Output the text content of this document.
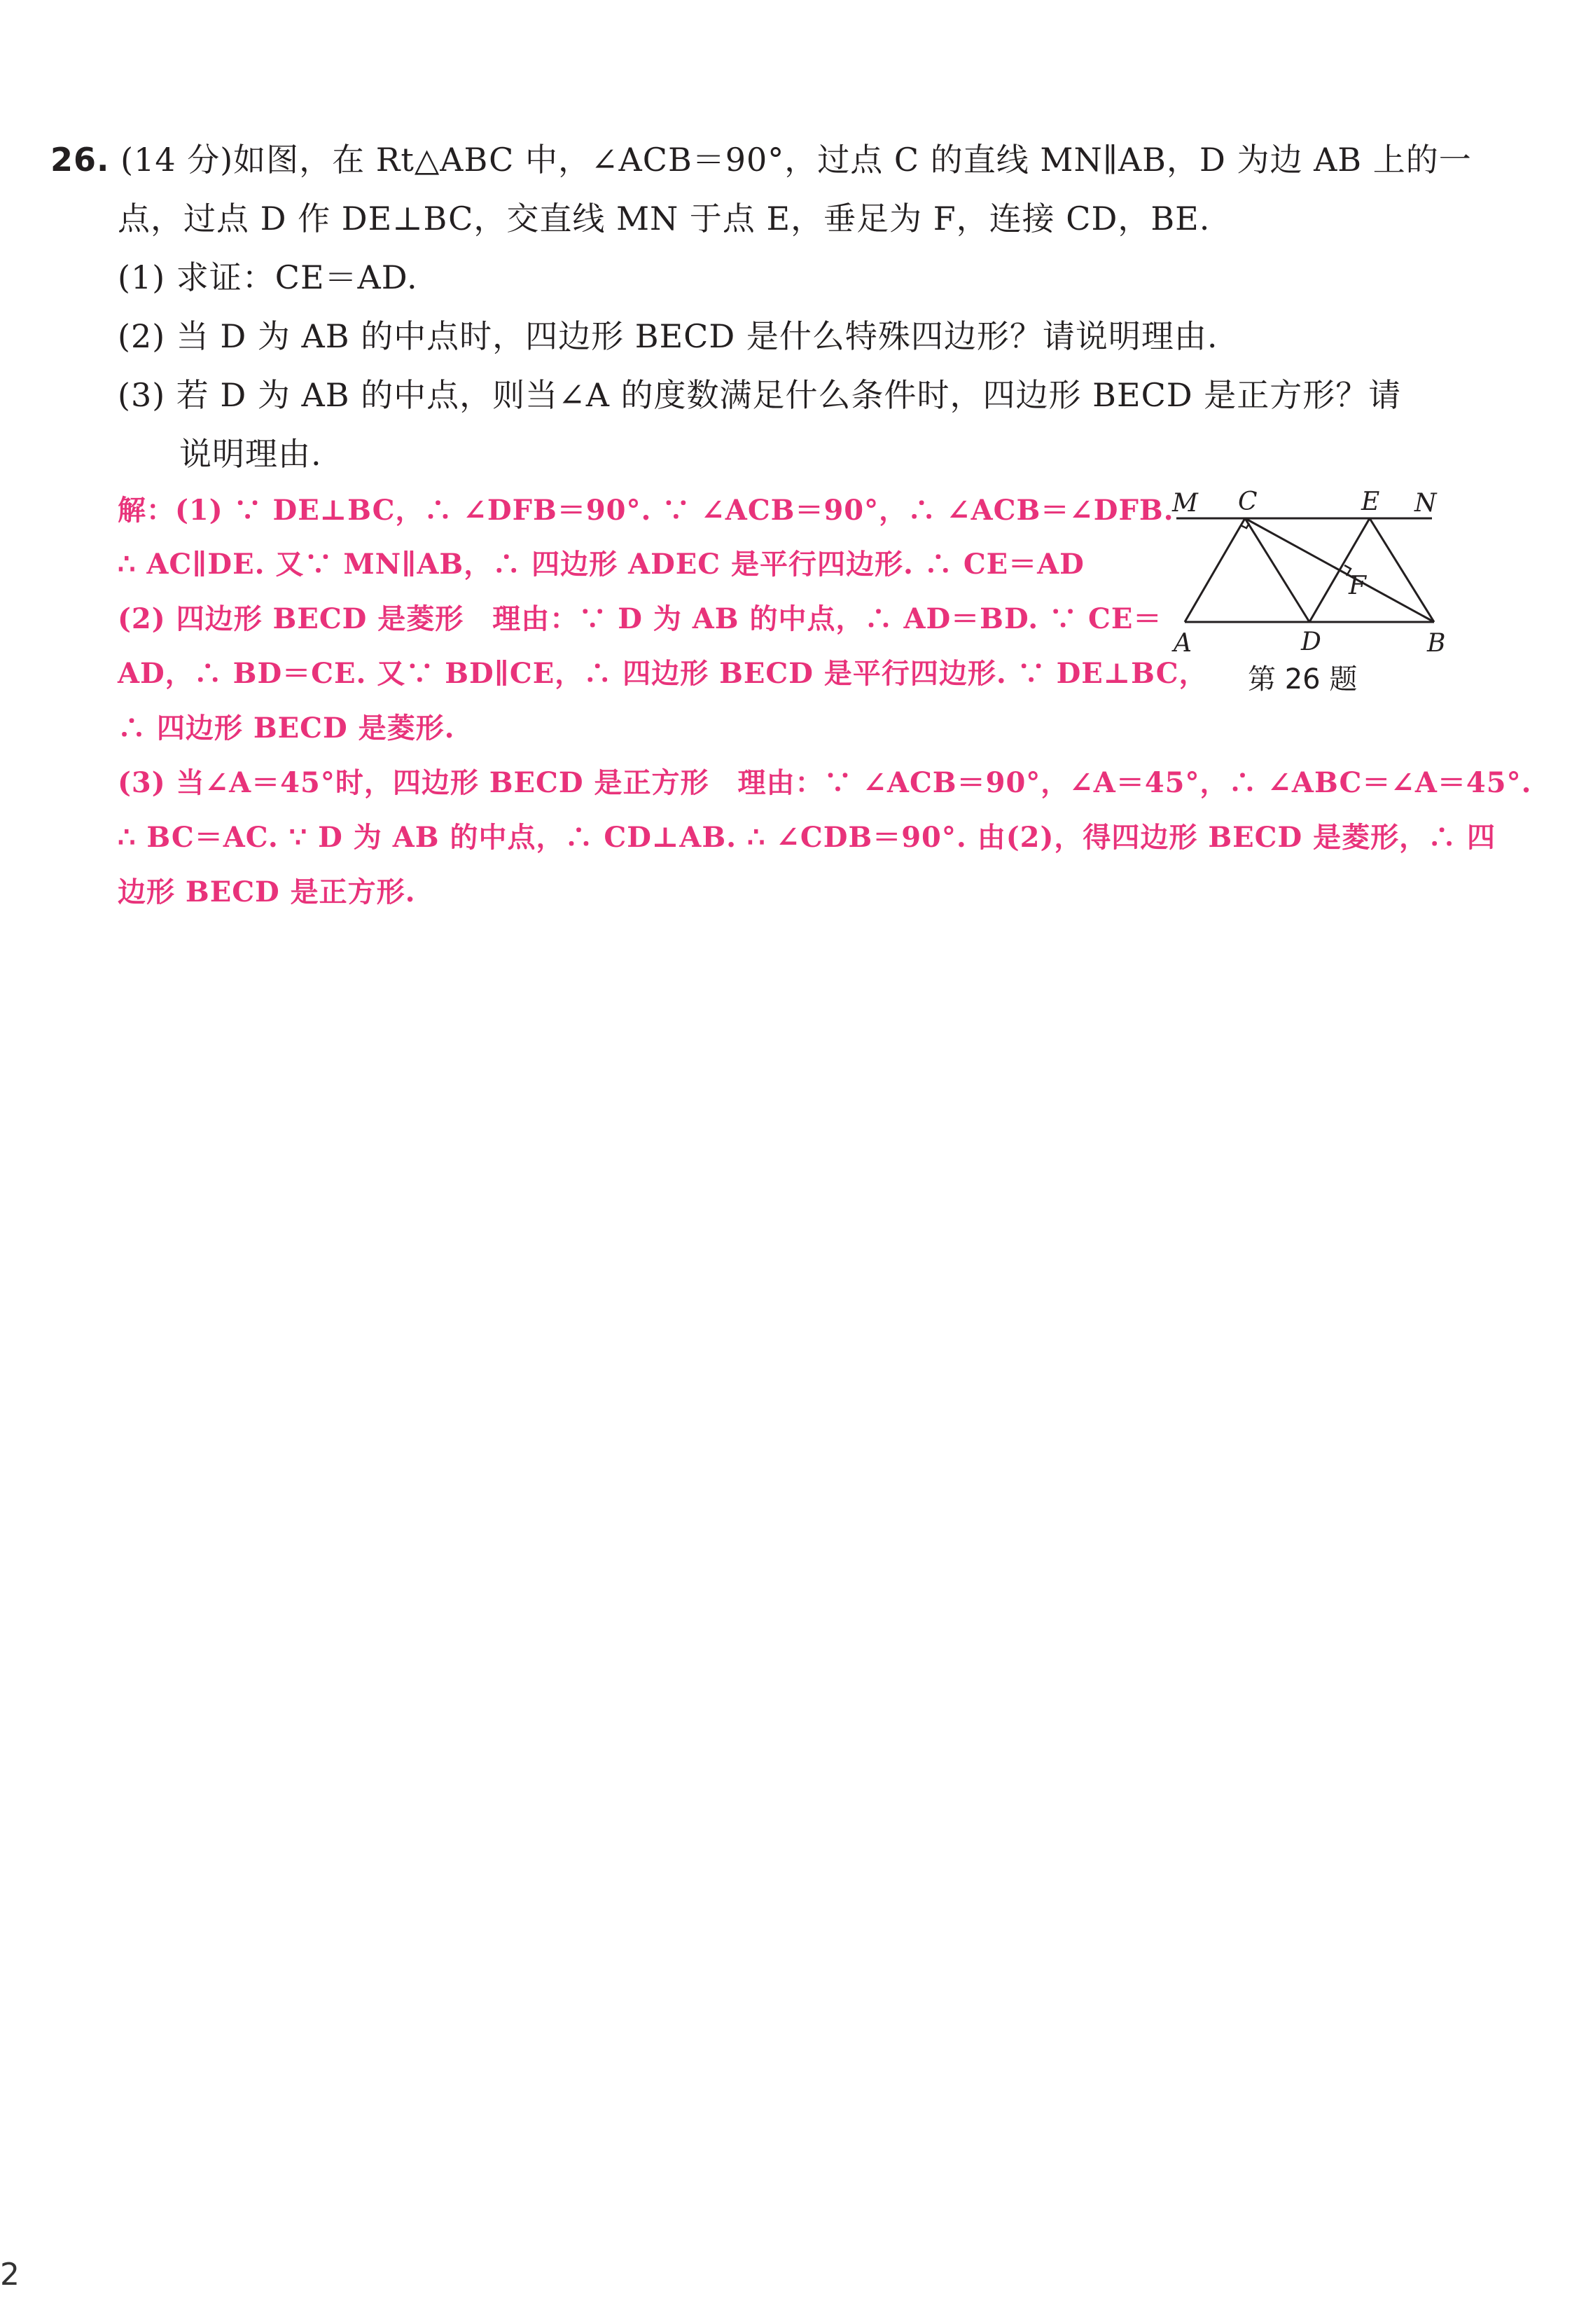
26. (14 分)如图，在 Rt△ABC 中，∠ACB＝90°，过点 C 的直线 MN∥AB，D 为边 AB 上的一
点，过点 D 作 DE⊥BC，交直线 MN 于点 E，垂足为 F，连接 CD，BE.
(1) 求证：CE＝AD.
(2) 当 D 为 AB 的中点时，四边形 BECD 是什么特殊四边形？请说明理由.
(3) 若 D 为 AB 的中点，则当∠A 的度数满足什么条件时，四边形 BECD 是正方形？请
说明理由.
解：(1) ∵ DE⊥BC，∴ ∠DFB＝90°. ∵ ∠ACB＝90°，∴ ∠ACB＝∠DFB.
∴ AC∥DE. 又∵ MN∥AB，∴ 四边形 ADEC 是平行四边形. ∴ CE＝AD
(2) 四边形 BECD 是菱形　理由：∵ D 为 AB 的中点，∴ AD＝BD. ∵ CE＝
AD，∴ BD＝CE. 又∵ BD∥CE，∴ 四边形 BECD 是平行四边形. ∵ DE⊥BC，
∴ 四边形 BECD 是菱形.
(3) 当∠A＝45°时，四边形 BECD 是正方形　理由：∵ ∠ACB＝90°，∠A＝45°，∴ ∠ABC＝∠A＝45°.
∴ BC＝AC. ∵ D 为 AB 的中点，∴ CD⊥AB. ∴ ∠CDB＝90°. 由(2)，得四边形 BECD 是菱形，∴ 四
边形 BECD 是正方形.
M C	E N
F
A	D	B
第 26 题
2
